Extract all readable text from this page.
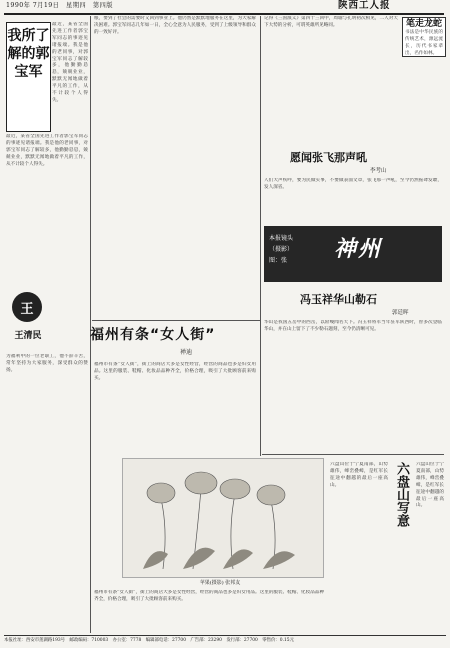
1990年 7月19日　星期四　第四版	陕西工人报
我所了解的郭宝军

最近，某省全国先进工作者郭宝军同志的事迹见诸报端。我是他的老同事，对郭宝军同志了解较多，他勤勤恳恳，兢兢业业，默默无闻地做着平凡的工作，从不计较个人得失。

最近，某省全国先进工作者郭宝军同志的事迹见诸报端。我是他的老同事，对郭宝军同志了解较多，他勤勤恳恳，兢兢业业，默默无闻地做着平凡的工作，从不计较个人得失。

王
王清民

为福利中的一位老职工，他不辞辛苦，常年坚持为大家服务，深受群众的赞扬。

粮，要到了社会的需要时又回到事业上。他仍然是默默地服务在这里，为大家解决困难。郭宝军同志几年如一日，全心全意为人民服务，受到了上级领导和群众的一致好评。

福州有条“女人街”
禅迪

福州市有条“女人街”，街上的商店大多是女性经营，经营的商品也多是妇女用品。这里的服装、鞋帽、化妆品品种齐全，价格合理，吸引了大批顾客前来购买。

记得《三国演义》第四十三回中，周瑜与孔明初次相见，二人对天下大势的分析，可谓英雄所见略同。	笔走龙蛇

书法是中华民族的传统艺术，源远流长，历代书家辈出，名作如林。

愿闻张飞那声吼
李考山

人们大声疾呼，要为民做实事，不要做表面文章，张飞那一声吼，至今仍然振聋发聩，发人深省。

本报镜头
（摄影）
图：张	神州
冯玉祥华山勒石
郭廷晖

华山是我国五岳中的西岳，以险峻闻名天下。冯玉祥将军当年驻军陕西时，曾多次登临华山，并在山上留下了不少勒石题刻，至今仍清晰可见。

苹果(摄影) 张邦友
六盘山写意

六盘山位于宁夏南部，山势雄伟，峰峦叠嶂，是红军长征途中翻越的最后一座高山。

六盘山位于宁夏南部，山势雄伟，峰峦叠嶂，是红军长征途中翻越的最后一座高山。

福州市有条“女人街”，街上的商店大多是女性经营，经营的商品也多是妇女用品。这里的服装、鞋帽、化妆品品种齐全，价格合理，吸引了大批顾客前来购买。

本报社址：西安市莲湖路193号　邮政编码：710003　办公室：7778　编辑部电话：27700　广告部：23290　发行部：27700　零售价：0.15元
